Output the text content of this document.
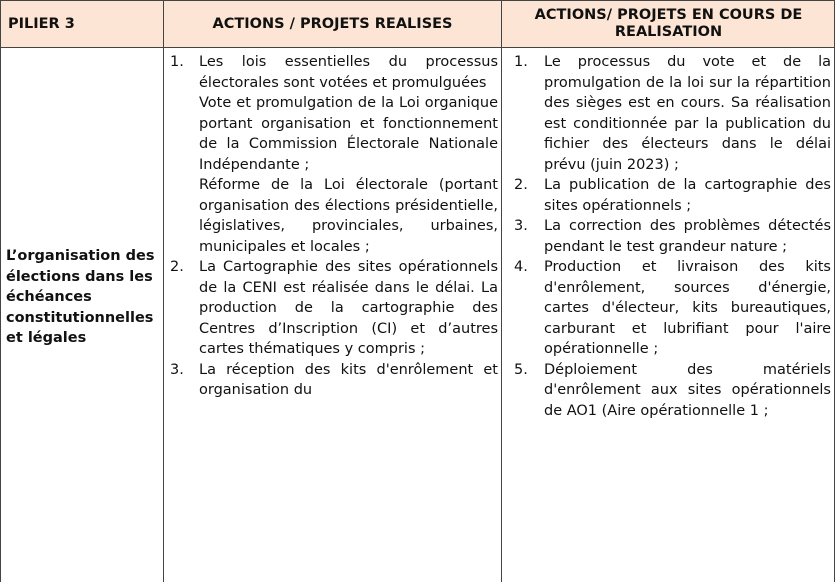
PILIER 3	ACTIONS / PROJETS REALISES
ACTIONS/ PROJETS EN COURS DE
REALISATION
L’organisation des élections dans les échéances constitutionnelles et légales
1. Les lois essentielles du processus électorales sont votées et promulguées
Vote et promulgation de la Loi organique portant organisation et fonctionnement de la Commission Électorale Nationale Indépendante ;
Réforme de la Loi électorale (portant organisation des élections présidentielle, législatives, provinciales, urbaines, municipales et locales ;
2. La Cartographie des sites opérationnels de la CENI est réalisée dans le délai. La production de la cartographie des Centres d’Inscription (CI) et d’autres cartes thématiques y compris ;
3. La réception des kits d'enrôlement et organisation du
1. Le processus du vote et de la promulgation de la loi sur la répartition des sièges est en cours. Sa réalisation est conditionnée par la publication du fichier des électeurs dans le délai prévu (juin 2023) ;
2. La publication de la cartographie des sites opérationnels ;
3. La correction des problèmes détectés pendant le test grandeur nature ;
4. Production et livraison des kits d'enrôlement, sources d'énergie, cartes d'électeur, kits bureautiques, carburant et lubrifiant pour l'aire opérationnelle ;
5. Déploiement des matériels d'enrôlement aux sites opérationnels de AO1 (Aire opérationnelle 1 ;
